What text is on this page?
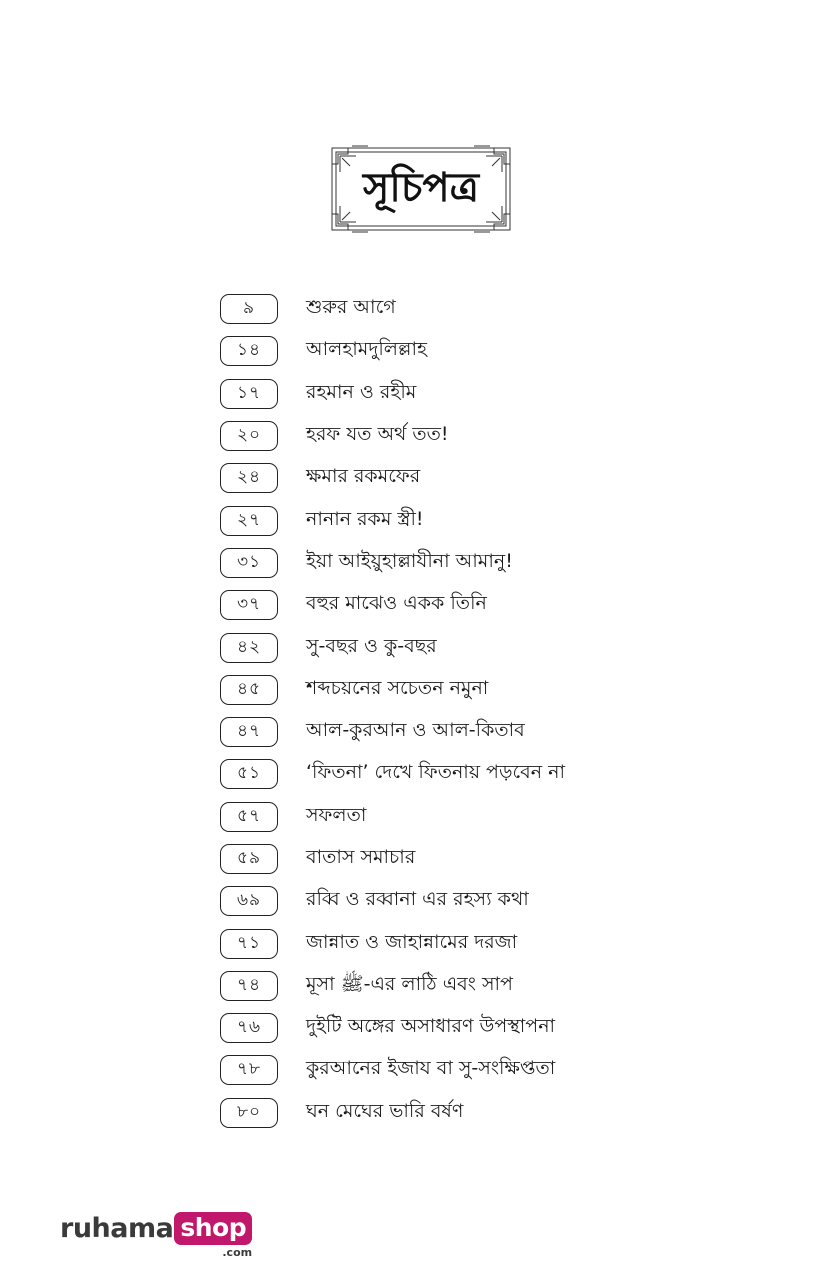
সূচিপত্র
৯	শুরুর আগে
১৪	আলহামদুলিল্লাহ
১৭	রহমান ও রহীম
২০	হরফ যত অর্থ তত!
২৪	ক্ষমার রকমফের
২৭	নানান রকম স্ত্রী!
৩১	ইয়া আইয়ুহাল্লাযীনা আমানু!
৩৭	বহুর মাঝেও একক তিনি
৪২	সু-বছর ও কু-বছর
৪৫	শব্দচয়নের সচেতন নমুনা
৪৭	আল-কুরআন ও আল-কিতাব
৫১	‘ফিতনা’ দেখে ফিতনায় পড়বেন না
৫৭	সফলতা
৫৯	বাতাস সমাচার
৬৯	রব্বি ও রব্বানা এর রহস্য কথা
৭১	জান্নাত ও জাহান্নামের দরজা
৭৪	মূসা ﷺ-এর লাঠি এবং সাপ
৭৬	দুইটি অঙ্গের অসাধারণ উপস্থাপনা
৭৮	কুরআনের ইজায বা সু-সংক্ষিপ্ততা
৮০	ঘন মেঘের ভারি বর্ষণ
ruhama shop
.com
